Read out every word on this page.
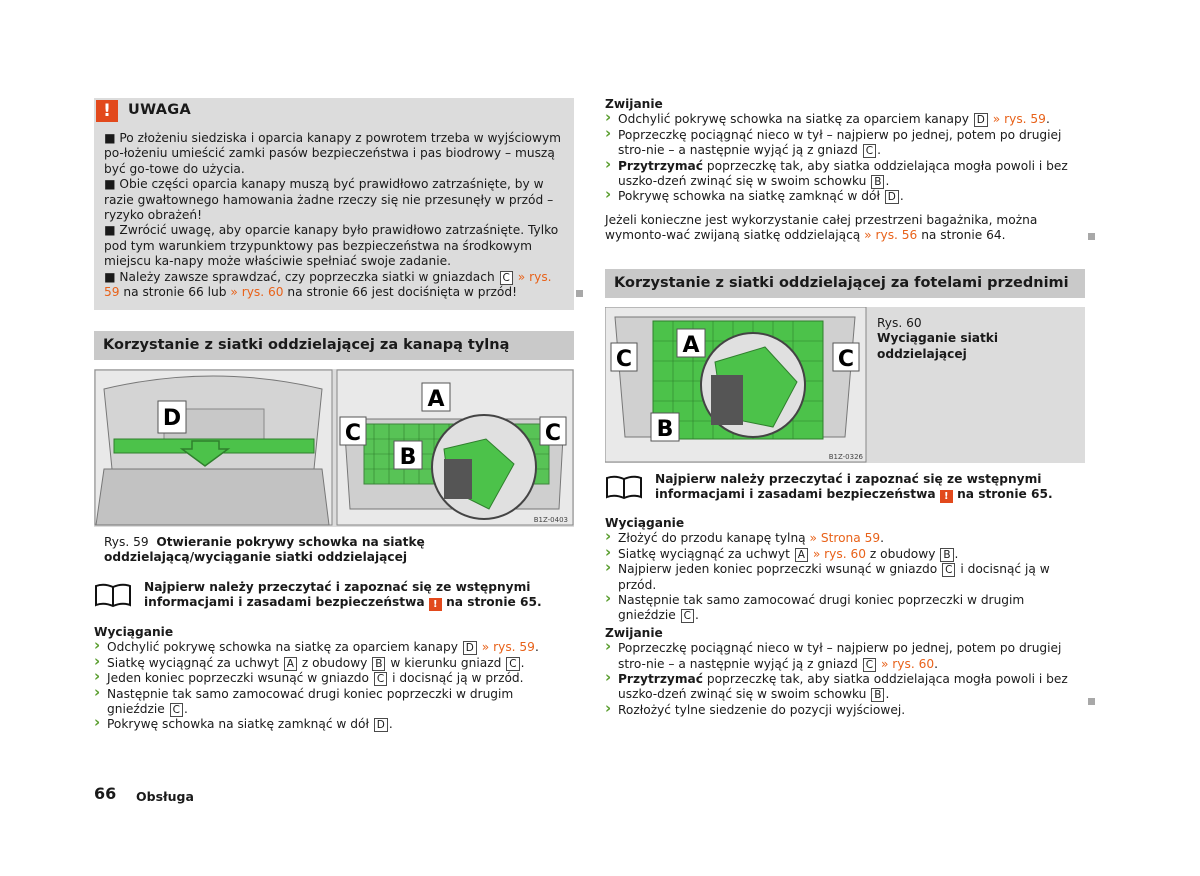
!	UWAGA

■ Po złożeniu siedziska i oparcia kanapy z powrotem trzeba w wyjściowym po-łożeniu umieścić zamki pasów bezpieczeństwa i pas biodrowy – muszą być go-towe do użycia.

■ Obie części oparcia kanapy muszą być prawidłowo zatrzaśnięte, by w razie gwałtownego hamowania żadne rzeczy się nie przesunęły w przód – ryzyko obrażeń!

■ Zwrócić uwagę, aby oparcie kanapy było prawidłowo zatrzaśnięte. Tylko pod tym warunkiem trzypunktowy pas bezpieczeństwa na środkowym miejscu ka-napy może właściwie spełniać swoje zadanie.

■ Należy zawsze sprawdzać, czy poprzeczka siatki w gniazdach C » rys. 59 na stronie 66 lub » rys. 60 na stronie 66 jest dociśnięta w przód!

Korzystanie z siatki oddzielającej za kanapą tylną
D
A
C	C
B
B1Z-0403

Rys. 59 Otwieranie pokrywy schowka na siatkę oddzielającą/wyciąganie siatki oddzielającej

Najpierw należy przeczytać i zapoznać się ze wstępnymi informacjami i zasadami bezpieczeństwa ! na stronie 65.

Wyciąganie

› Odchylić pokrywę schowka na siatkę za oparciem kanapy D » rys. 59.
› Siatkę wyciągnąć za uchwyt A z obudowy B w kierunku gniazd C .
› Jeden koniec poprzeczki wsunąć w gniazdo C i docisnąć ją w przód.
› Następnie tak samo zamocować drugi koniec poprzeczki w drugim gnieździe C .
› Pokrywę schowka na siatkę zamknąć w dół D .

Zwijanie

› Odchylić pokrywę schowka na siatkę za oparciem kanapy D » rys. 59.
› Poprzeczkę pociągnąć nieco w tył – najpierw po jednej, potem po drugiej stro-nie – a następnie wyjąć ją z gniazd C .
› Przytrzymać poprzeczkę tak, aby siatka oddzielająca mogła powoli i bez uszko-dzeń zwinąć się w swoim schowku B .
› Pokrywę schowka na siatkę zamknąć w dół D .

Jeżeli konieczne jest wykorzystanie całej przestrzeni bagażnika, można wymonto-wać zwijaną siatkę oddzielającą » rys. 56 na stronie 64.

Korzystanie z siatki oddzielającej za fotelami przednimi
C
A
C
B
B1Z-0326

Rys. 60

Wyciąganie siatki oddzielającej

Najpierw należy przeczytać i zapoznać się ze wstępnymi informacjami i zasadami bezpieczeństwa ! na stronie 65.

Wyciąganie

› Złożyć do przodu kanapę tylną » Strona 59.
› Siatkę wyciągnąć za uchwyt A » rys. 60 z obudowy B .
› Najpierw jeden koniec poprzeczki wsunąć w gniazdo C i docisnąć ją w przód.
› Następnie tak samo zamocować drugi koniec poprzeczki w drugim gnieździe C .

Zwijanie

› Poprzeczkę pociągnąć nieco w tył – najpierw po jednej, potem po drugiej stro-nie – a następnie wyjąć ją z gniazd C » rys. 60.
› Przytrzymać poprzeczkę tak, aby siatka oddzielająca mogła powoli i bez uszko-dzeń zwinąć się w swoim schowku B .
› Rozłożyć tylne siedzenie do pozycji wyjściowej.
66 Obsługa
